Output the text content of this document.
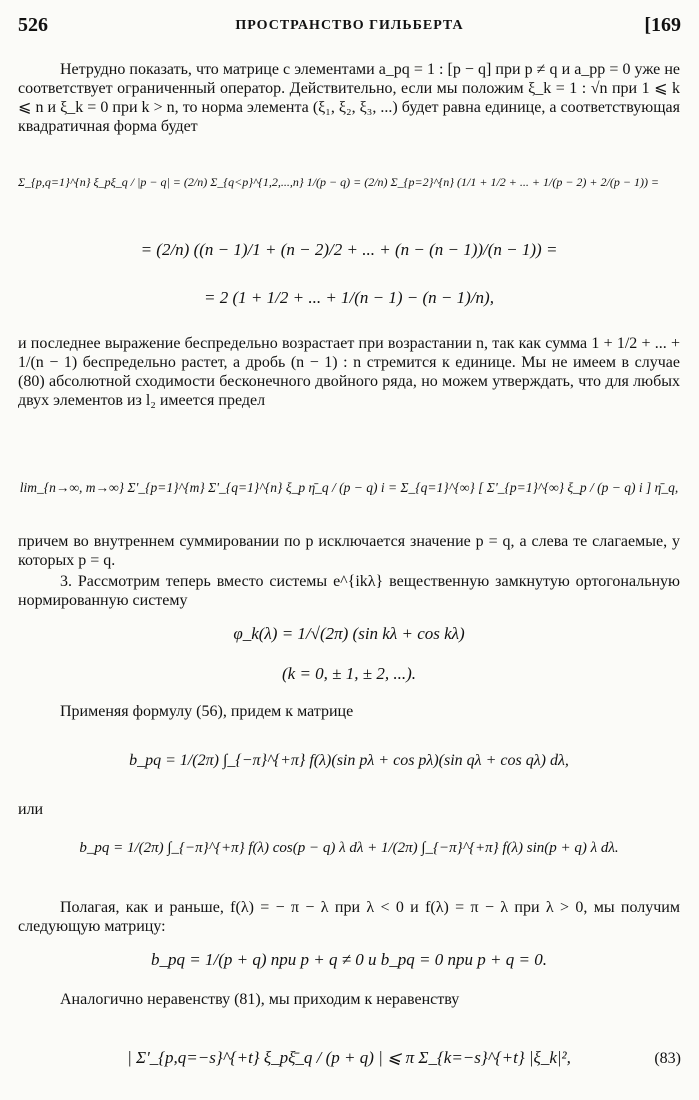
526	ПРОСТРАНСТВО ГИЛЬБЕРТА	[169

Нетрудно показать, что матрице с элементами a_pq = 1 : [p − q] при p ≠ q и a_pp = 0 уже не соответствует ограниченный оператор. Действительно, если мы положим ξ_k = 1 : √n при 1 ⩽ k ⩽ n и ξ_k = 0 при k > n, то норма элемента (ξ₁, ξ₂, ξ₃, ...) будет равна единице, а соответствующая квадратичная форма будет

Σ_{p,q=1}^{n} ξ_pξ_q / |p − q| = (2/n) Σ_{q<p}^{1,2,...,n} 1/(p − q) = (2/n) Σ_{p=2}^{n} (1/1 + 1/2 + ... + 1/(p − 2) + 2/(p − 1)) =

= (2/n) ((n − 1)/1 + (n − 2)/2 + ... + (n − (n − 1))/(n − 1)) =

= 2 (1 + 1/2 + ... + 1/(n − 1) − (n − 1)/n),

и последнее выражение беспредельно возрастает при возрастании n, так как сумма 1 + 1/2 + ... + 1/(n − 1) беспредельно растет, а дробь (n − 1) : n стремится к единице. Мы не имеем в случае (80) абсолютной сходимости бесконечного двойного ряда, но можем утверждать, что для любых двух элементов из l₂ имеется предел

lim_{n→∞, m→∞} Σ'_{p=1}^{m} Σ'_{q=1}^{n} ξ_p η̄_q / (p − q) i = Σ_{q=1}^{∞} [ Σ'_{p=1}^{∞} ξ_p / (p − q) i ] η̄_q,

причем во внутреннем суммировании по p исключается значение p = q, а слева те слагаемые, у которых p = q.

3. Рассмотрим теперь вместо системы e^{ikλ} вещественную замкнутую ортогональную нормированную систему

φ_k(λ) = 1/√(2π) (sin kλ + cos kλ)

(k = 0, ± 1, ± 2, ...).

Применяя формулу (56), придем к матрице

b_pq = 1/(2π) ∫_{−π}^{+π} f(λ)(sin pλ + cos pλ)(sin qλ + cos qλ) dλ,

или

b_pq = 1/(2π) ∫_{−π}^{+π} f(λ) cos(p − q) λ dλ + 1/(2π) ∫_{−π}^{+π} f(λ) sin(p + q) λ dλ.

Полагая, как и раньше, f(λ) = − π − λ при λ < 0 и f(λ) = π − λ при λ > 0, мы получим следующую матрицу:

b_pq = 1/(p + q) при p + q ≠ 0 и b_pq = 0 при p + q = 0.

Аналогично неравенству (81), мы приходим к неравенству

| Σ'_{p,q=−s}^{+t} ξ_pξ̄_q / (p + q) | ⩽ π Σ_{k=−s}^{+t} |ξ_k|²,	(83)
